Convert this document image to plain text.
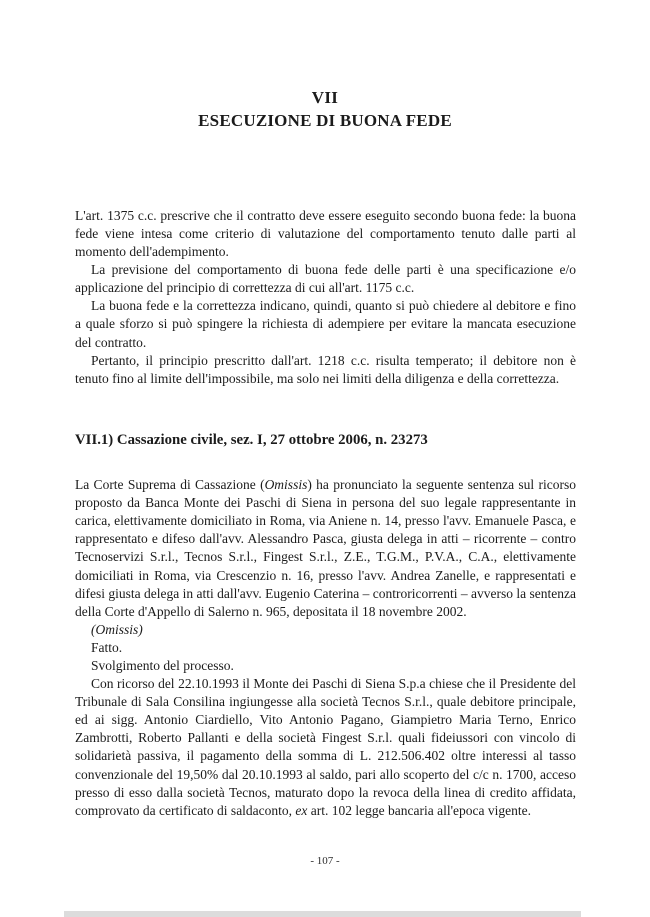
VII
ESECUZIONE DI BUONA FEDE

L'art. 1375 c.c. prescrive che il contratto deve essere eseguito secondo buona fede: la buona fede viene intesa come criterio di valutazione del comportamento tenuto dalle parti al momento dell'adempimento.

La previsione del comportamento di buona fede delle parti è una specificazione e/o applicazione del principio di correttezza di cui all'art. 1175 c.c.

La buona fede e la correttezza indicano, quindi, quanto si può chiedere al debitore e fino a quale sforzo si può spingere la richiesta di adempiere per evitare la mancata esecuzione del contratto.

Pertanto, il principio prescritto dall'art. 1218 c.c. risulta temperato; il debitore non è tenuto fino al limite dell'impossibile, ma solo nei limiti della diligenza e della correttezza.

VII.1) Cassazione civile, sez. I, 27 ottobre 2006, n. 23273

La Corte Suprema di Cassazione (Omissis) ha pronunciato la seguente sentenza sul ricorso proposto da Banca Monte dei Paschi di Siena in persona del suo legale rappresentante in carica, elettivamente domiciliato in Roma, via Aniene n. 14, presso l'avv. Emanuele Pasca, e rappresentato e difeso dall'avv. Alessandro Pasca, giusta delega in atti – ricorrente – contro Tecnoservizi S.r.l., Tecnos S.r.l., Fingest S.r.l., Z.E., T.G.M., P.V.A., C.A., elettivamente domiciliati in Roma, via Crescenzio n. 16, presso l'avv. Andrea Zanelle, e rappresentati e difesi giusta delega in atti dall'avv. Eugenio Caterina – controricorrenti – avverso la sentenza della Corte d'Appello di Salerno n. 965, depositata il 18 novembre 2002.

(Omissis)

Fatto.

Svolgimento del processo.

Con ricorso del 22.10.1993 il Monte dei Paschi di Siena S.p.a chiese che il Presidente del Tribunale di Sala Consilina ingiungesse alla società Tecnos S.r.l., quale debitore principale, ed ai sigg. Antonio Ciardiello, Vito Antonio Pagano, Giampietro Maria Terno, Enrico Zambrotti, Roberto Pallanti e della società Fingest S.r.l. quali fideiussori con vincolo di solidarietà passiva, il pagamento della somma di L. 212.506.402 oltre interessi al tasso convenzionale del 19,50% dal 20.10.1993 al saldo, pari allo scoperto del c/c n. 1700, acceso presso di esso dalla società Tecnos, maturato dopo la revoca della linea di credito affidata, comprovato da certificato di saldaconto, ex art. 102 legge bancaria all'epoca vigente.

- 107 -
